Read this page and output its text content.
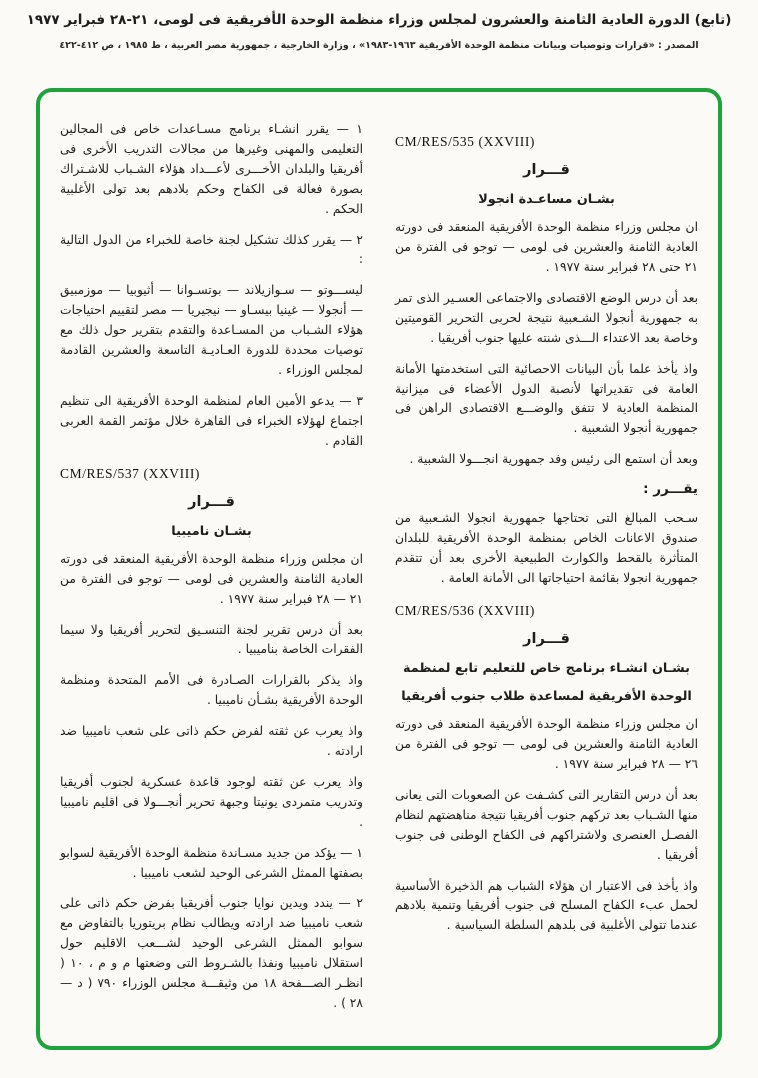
(تابع) الدورة العادية الثامنة والعشرون لمجلس وزراء منظمة الوحدة الأفريقية فى لومى، ٢١-٢٨ فبراير ١٩٧٧
المصدر : «قرارات وتوصيات وبيانات منظمة الوحدة الأفريقية ١٩٦٣-١٩٨٣» ، وزارة الخارجية ، جمهورية مصر العربية ، ط ١٩٨٥ ، ص ٤١٢-٤٢٢
CM/RES/535 (XXVIII)
قـــرار
بشـان مساعـدة انجولا
ان مجلس وزراء منظمة الوحدة الأفريقية المنعقد فى دورته العادية الثامنة والعشرين فى لومى — توجو فى الفترة من ٢١ حتى ٢٨ فبراير سنة ١٩٧٧ .
بعد أن درس الوضع الاقتصادى والاجتماعى العسـير الذى تمر به جمهورية أنجولا الشـعبية نتيجة لحربى التحرير القوميتين وخاصة بعد الاعتداء الـــذى شنته عليها جنوب أفريقيا .
واذ يأخذ علما بأن البيانات الاحصائية التى استخدمتها الأمانة العامة فى تقديراتها لأنصبة الدول الأعضاء فى ميزانية المنظمة العادية لا تتفق والوضـــع الاقتصادى الراهن فى جمهورية أنجولا الشعبية .
وبعد أن استمع الى رئيس وفد جمهورية انجـــولا الشعبية .
يقـــرر :
سـحب المبالغ التى تحتاجها جمهورية انجولا الشـعبية من صندوق الاعانات الخاص بمنظمة الوحدة الأفريقية للبلدان المتأثرة بالقحط والكوارث الطبيعية الأخرى بعد أن تتقدم جمهورية انجولا بقائمة احتياجاتها الى الأمانة العامة .
CM/RES/536 (XXVIII)
قـــرار
بشـان انشـاء برنامج خاص للتعليم تابع لمنظمة
الوحدة الأفريقية لمساعدة طلاب جنوب أفريقيا
ان مجلس وزراء منظمة الوحدة الأفريقية المنعقد فى دورته العادية الثامنة والعشرين فى لومى — توجو فى الفترة من ٢٦ — ٢٨ فبراير سنة ١٩٧٧ .
بعد أن درس التقارير التى كشـفت عن الصعوبات التى يعانى منها الشـباب بعد تركهم جنوب أفريقيا نتيجة مناهضتهم لنظام الفصـل العنصرى ولاشتراكهم فى الكفاح الوطنى فى جنوب أفريقيا .
واذ يأخذ فى الاعتبار ان هؤلاء الشباب هم الذخيرة الأساسية لحمل عبء الكفاح المسلح فى جنوب أفريقيا وتنمية بلادهم عندما تتولى الأغلبية فى بلدهم السلطة السياسية .
١ — يقرر انشـاء برنامج مسـاعدات خاص فى المجالين التعليمى والمهنى وغيرها من مجالات التدريب الأخرى فى أفريقيا والبلدان الأخـــرى لأعـــداد هؤلاء الشـباب للاشـتراك بصورة فعالة فى الكفاح وحكم بلادهم بعد تولى الأغلبية الحكم .
٢ — يقرر كذلك تشكيل لجنة خاصة للخبراء من الدول التالية :
ليســـوتو — سـوازيلاند — بوتسـوانا — أثيوبيا — موزمبيق — أنجولا — غينيا بيسـاو — نيجيريا — مصر لتقييم احتياجات هؤلاء الشـباب من المسـاعدة والتقدم بتقرير حول ذلك مع توصيات محددة للدورة العـاديـة التاسعة والعشرين القادمة لمجلس الوزراء .
٣ — يدعو الأمين العام لمنظمة الوحدة الأفريقية الى تنظيم اجتماع لهؤلاء الخبراء فى القاهرة خلال مؤتمر القمة العربى القادم .
CM/RES/537 (XXVIII)
قـــرار
بشـان ناميبيا
ان مجلس وزراء منظمة الوحدة الأفريقية المنعقد فى دورته العادية الثامنة والعشرين فى لومى — توجو فى الفترة من ٢١ — ٢٨ فبراير سنة ١٩٧٧ .
بعد أن درس تقرير لجنة التنسـيق لتحرير أفريقيا ولا سيما الفقرات الخاصة بناميبيا .
واذ يذكر بالقرارات الصـادرة فى الأمم المتحدة ومنظمة الوحدة الأفريقية بشـأن ناميبيا .
واذ يعرب عن ثقته لفرض حكم ذاتى على شعب ناميبيا ضد ارادته .
واذ يعرب عن ثقته لوجود قاعدة عسكرية لجنوب أفريقيا وتدريب متمردى يونيتا وجبهة تحرير أنجـــولا فى اقليم ناميبيا .
١ — يؤكد من جديد مسـاندة منظمة الوحدة الأفريقية لسوابو بصفتها الممثل الشرعى الوحيد لشعب ناميبيا .
٢ — يندد ويدين نوايا جنوب أفريقيا بفرض حكم ذاتى على شعب ناميبيا ضد ارادته ويطالب نظام بريتوريا بالتفاوض مع سوابو الممثل الشرعى الوحيد لشـــعب الاقليم حول استقلال ناميبيا ونفذا بالشـروط التى وضعتها م و م ، ١٠ ( انظـر الصـــفحة ١٨ من وثيقـــة مجلس الوزراء ٧٩٠ ( د — ٢٨ ) .
